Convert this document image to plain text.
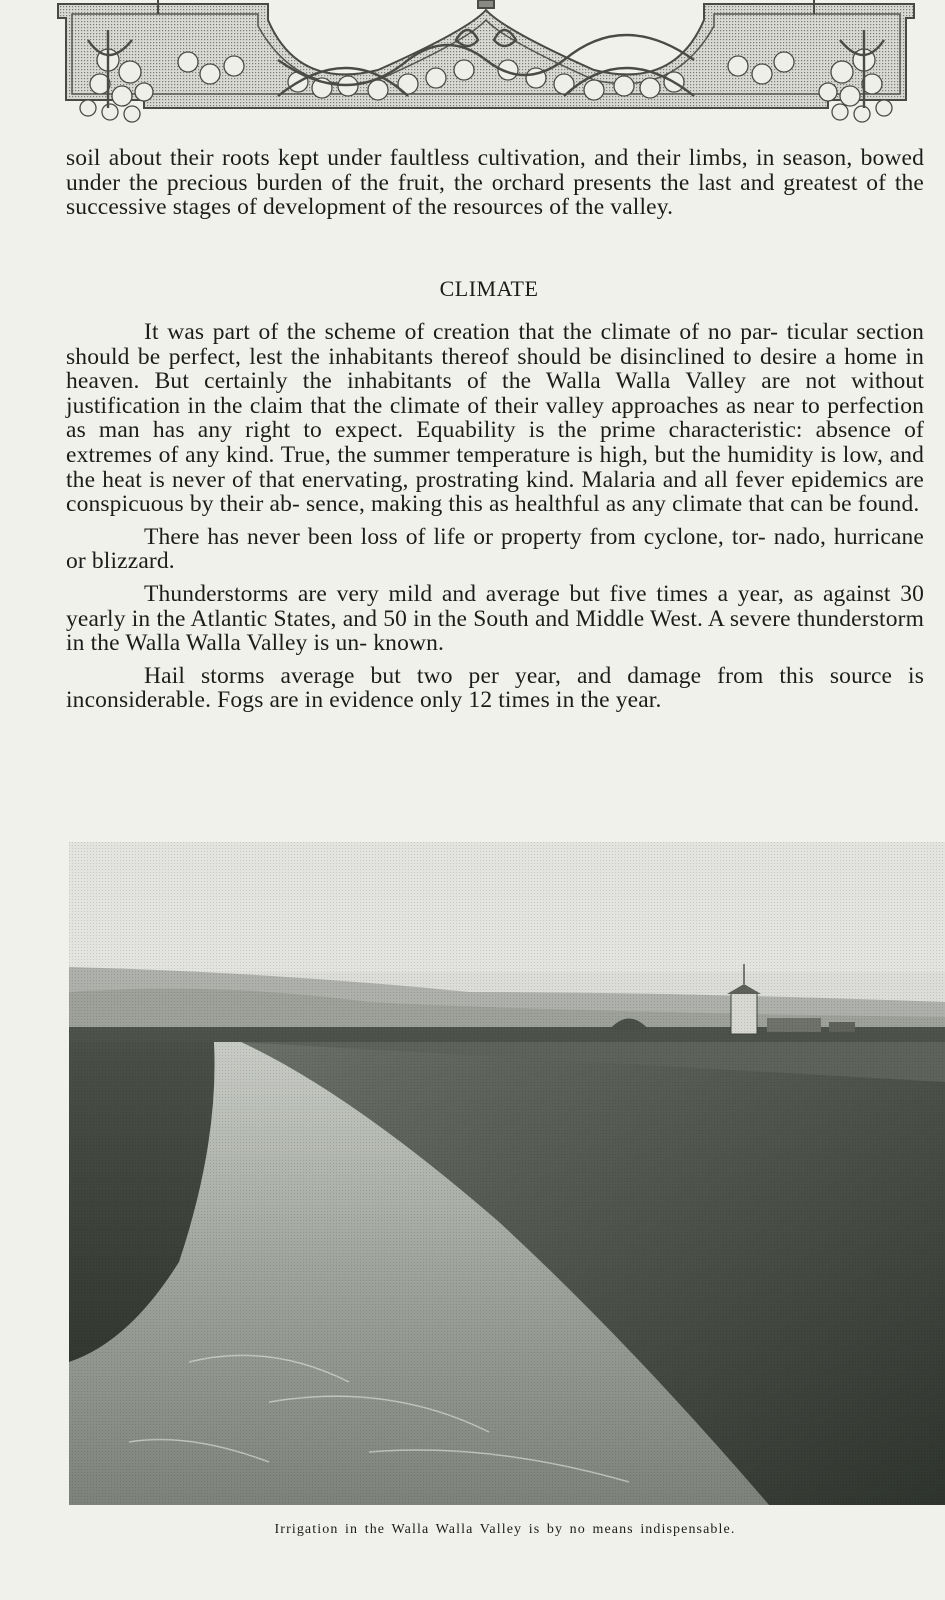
soil about their roots kept under faultless cultivation, and their limbs, in season, bowed under the precious burden of the fruit, the orchard presents the last and greatest of the successive stages of development of the resources of the valley.

CLIMATE

It was part of the scheme of creation that the climate of no par- ticular section should be perfect, lest the inhabitants thereof should be disinclined to desire a home in heaven. But certainly the inhabitants of the Walla Walla Valley are not without justification in the claim that the climate of their valley approaches as near to perfection as man has any right to expect. Equability is the prime characteristic: absence of extremes of any kind. True, the summer temperature is high, but the humidity is low, and the heat is never of that enervating, prostrating kind. Malaria and all fever epidemics are conspicuous by their ab- sence, making this as healthful as any climate that can be found.

There has never been loss of life or property from cyclone, tor- nado, hurricane or blizzard.

Thunderstorms are very mild and average but five times a year, as against 30 yearly in the Atlantic States, and 50 in the South and Middle West. A severe thunderstorm in the Walla Walla Valley is un- known.

Hail storms average but two per year, and damage from this source is inconsiderable. Fogs are in evidence only 12 times in the year.

Irrigation in the Walla Walla Valley is by no means indispensable.
